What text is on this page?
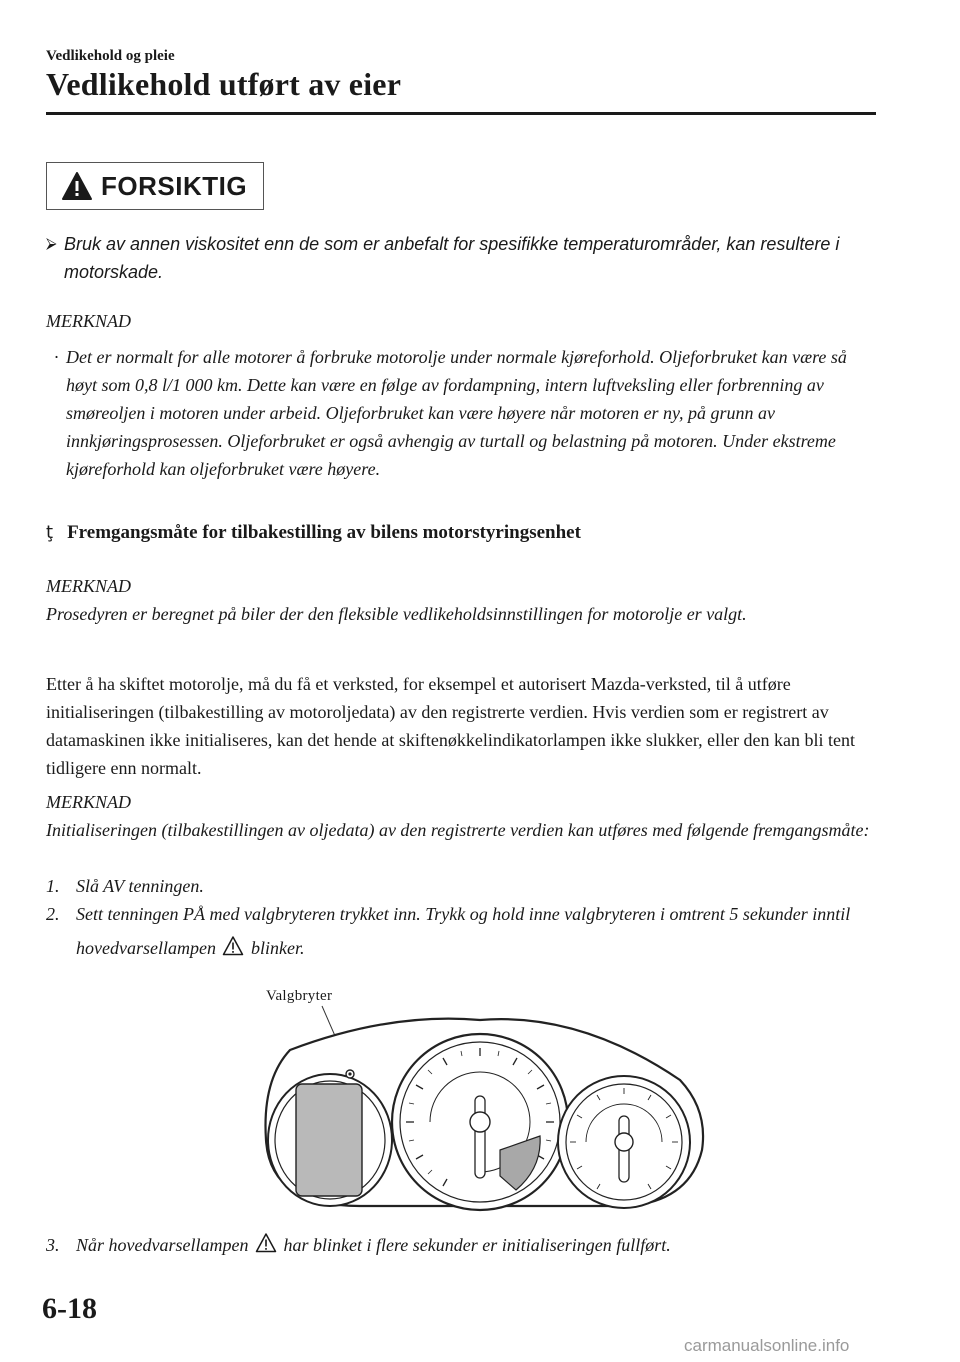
Vedlikehold og pleie
Vedlikehold utført av eier
FORSIKTIG
⮚ Bruk av annen viskositet enn de som er anbefalt for spesifikke temperaturområder, kan resultere i motorskade.
MERKNAD
· Det er normalt for alle motorer å forbruke motorolje under normale kjøreforhold. Oljeforbruket kan være så høyt som 0,8 l/1 000 km. Dette kan være en følge av fordampning, intern luftveksling eller forbrenning av smøreoljen i motoren under arbeid. Oljeforbruket kan være høyere når motoren er ny, på grunn av innkjøringsprosessen. Oljeforbruket er også avhengig av turtall og belastning på motoren. Under ekstreme kjøreforhold kan oljeforbruket være høyere.
ţ Fremgangsmåte for tilbakestilling av bilens motorstyringsenhet
MERKNAD
Prosedyren er beregnet på biler der den fleksible vedlikeholdsinnstillingen for motorolje er valgt.
Etter å ha skiftet motorolje, må du få et verksted, for eksempel et autorisert Mazda-verksted, til å utføre initialiseringen (tilbakestilling av motoroljedata) av den registrerte verdien. Hvis verdien som er registrert av datamaskinen ikke initialiseres, kan det hende at skiftenøkkelindikatorlampen ikke slukker, eller den kan bli tent tidligere enn normalt.
MERKNAD
Initialiseringen (tilbakestillingen av oljedata) av den registrerte verdien kan utføres med følgende fremgangsmåte:
1. Slå AV tenningen.
2. Sett tenningen PÅ med valgbryteren trykket inn. Trykk og hold inne valgbryteren i omtrent 5 sekunder inntil hovedvarsellampen blinker.
Valgbryter
3. Når hovedvarsellampen har blinket i flere sekunder er initialiseringen fullført.
6-18
carmanualsonline.info
